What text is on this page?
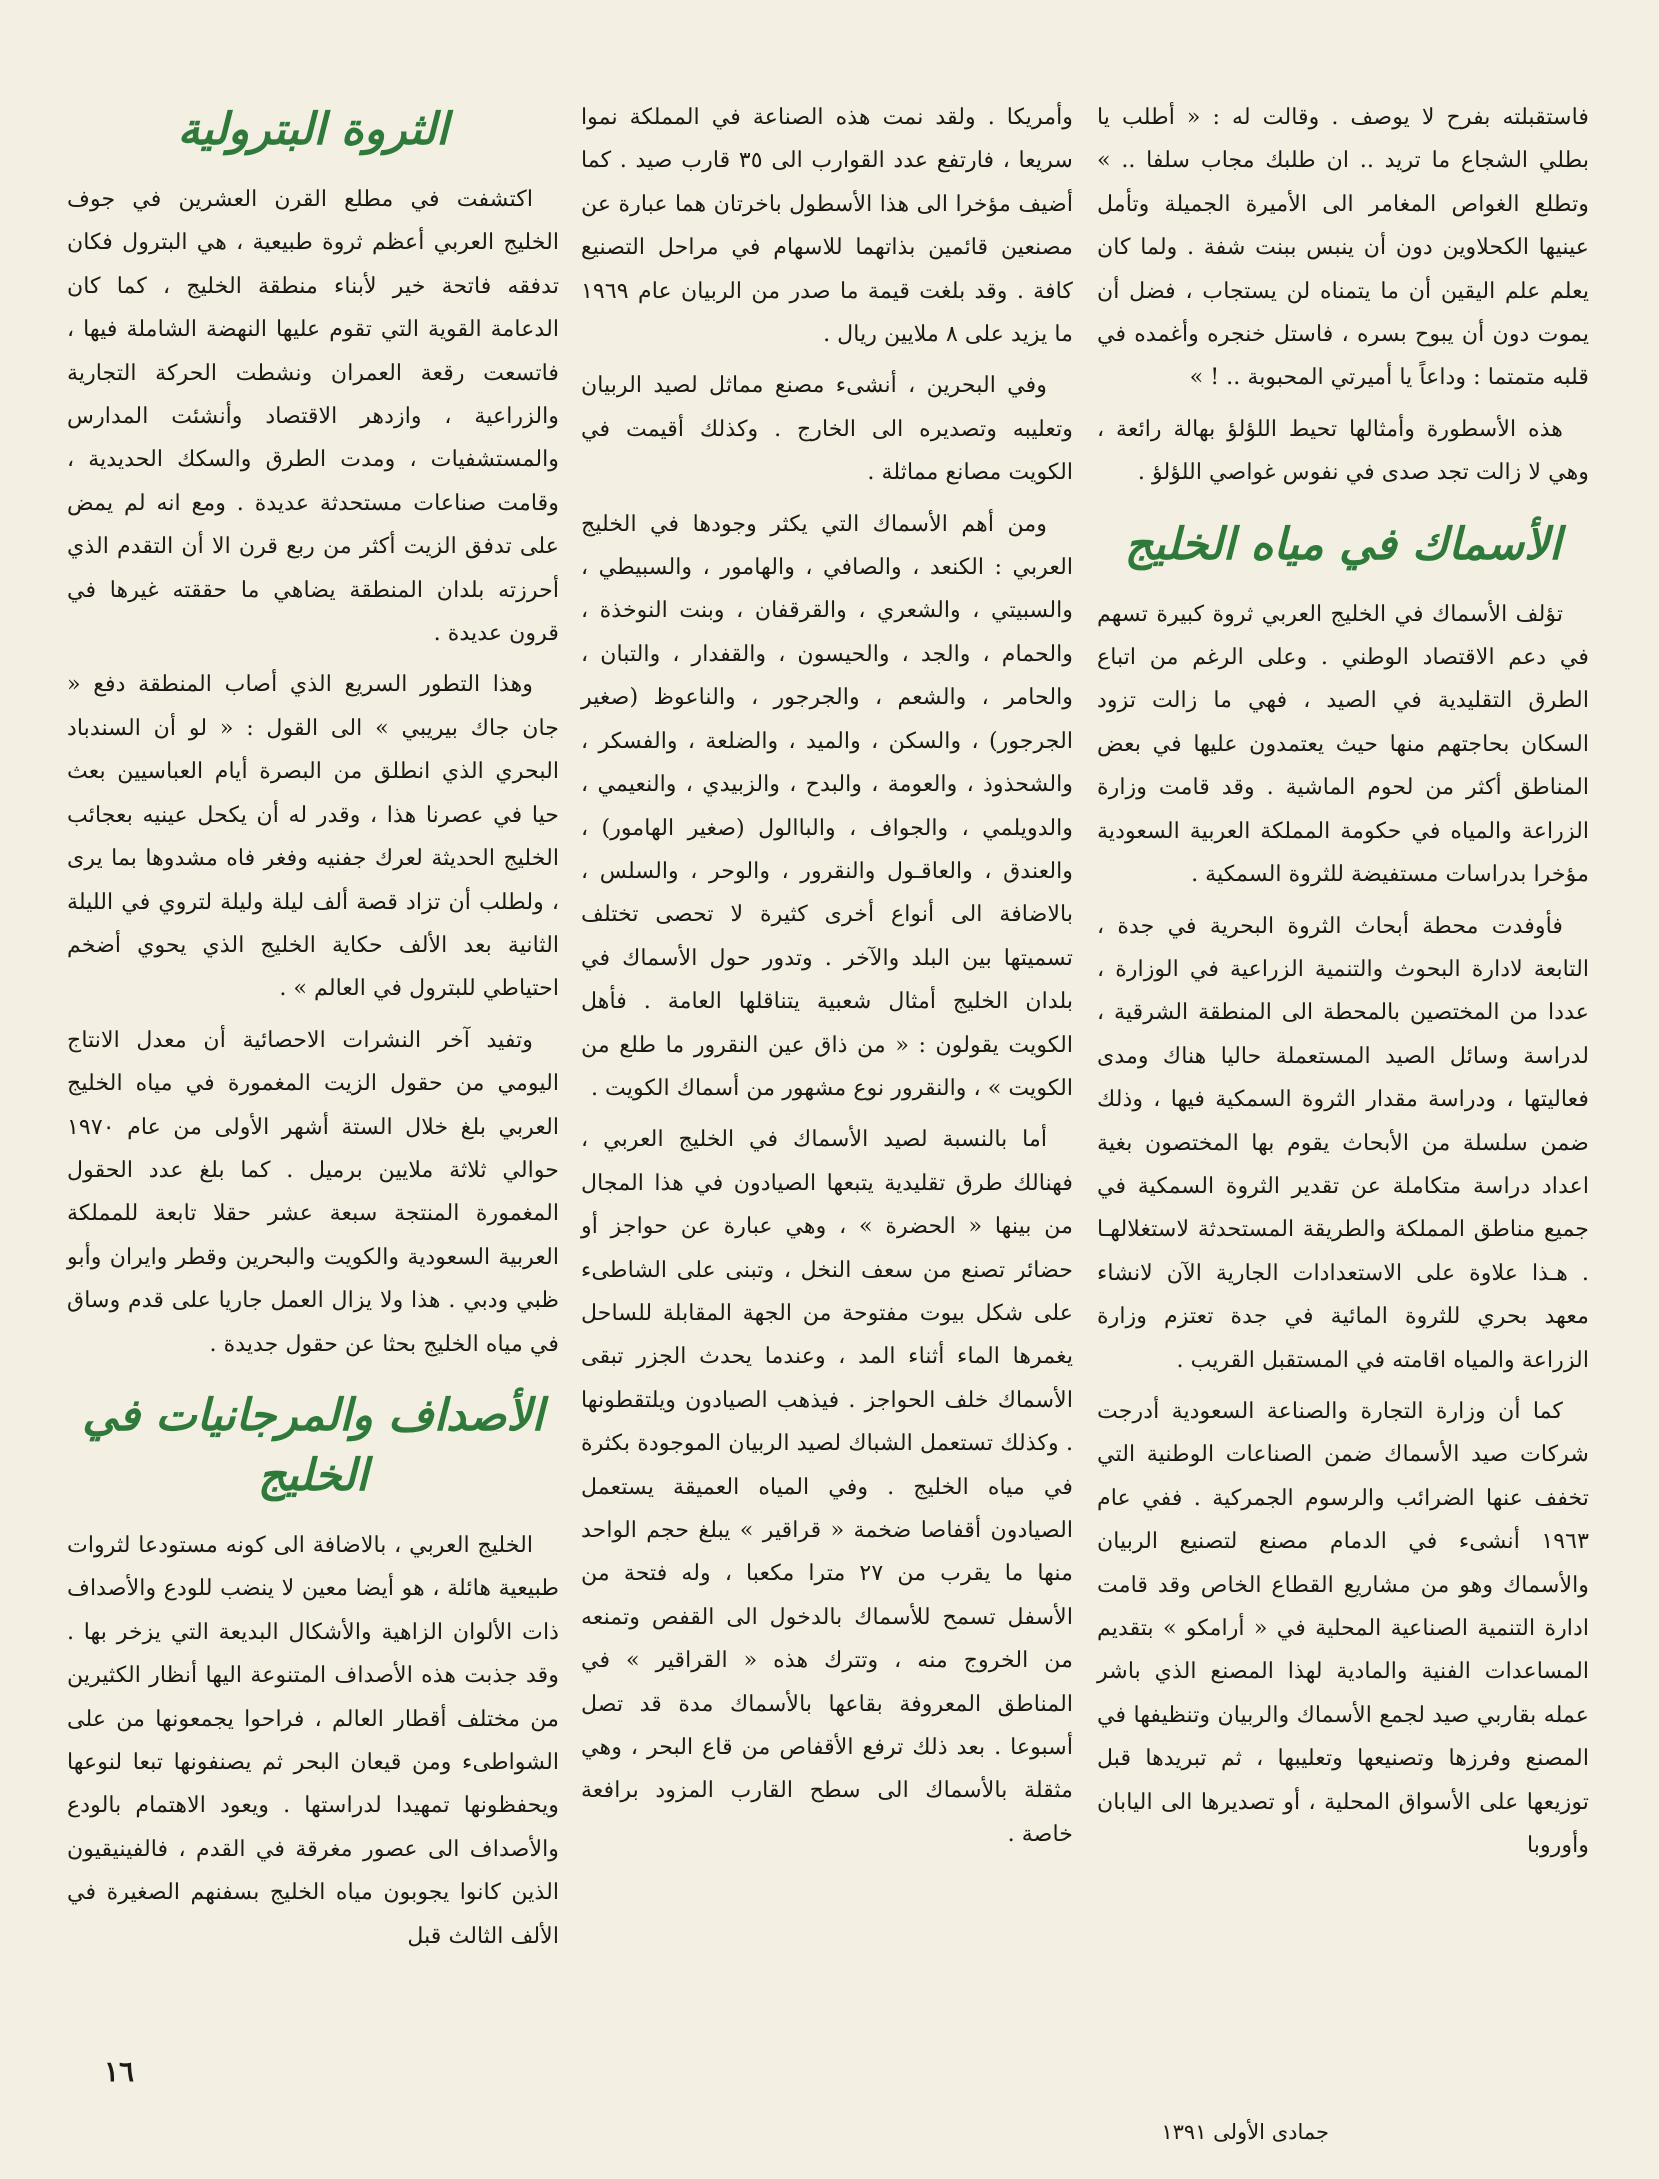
فاستقبلته بفرح لا يوصف . وقالت له : « أطلب يا بطلي الشجاع ما تريد .. ان طلبك مجاب سلفا .. » وتطلع الغواص المغامر الى الأميرة الجميلة وتأمل عينيها الكحلاوين دون أن ينبس ببنت شفة . ولما كان يعلم علم اليقين أن ما يتمناه لن يستجاب ، فضل أن يموت دون أن يبوح بسره ، فاستل خنجره وأغمده في قلبه متمتما : وداعاً يا أميرتي المحبوبة .. ! »

هذه الأسطورة وأمثالها تحيط اللؤلؤ بهالة رائعة ، وهي لا زالت تجد صدى في نفوس غواصي اللؤلؤ .

الأسماك في مياه الخليج

تؤلف الأسماك في الخليج العربي ثروة كبيرة تسهم في دعم الاقتصاد الوطني . وعلى الرغم من اتباع الطرق التقليدية في الصيد ، فهي ما زالت تزود السكان بحاجتهم منها حيث يعتمدون عليها في بعض المناطق أكثر من لحوم الماشية . وقد قامت وزارة الزراعة والمياه في حكومة المملكة العربية السعودية مؤخرا بدراسات مستفيضة للثروة السمكية .

فأوفدت محطة أبحاث الثروة البحرية في جدة ، التابعة لادارة البحوث والتنمية الزراعية في الوزارة ، عددا من المختصين بالمحطة الى المنطقة الشرقية ، لدراسة وسائل الصيد المستعملة حاليا هناك ومدى فعاليتها ، ودراسة مقدار الثروة السمكية فيها ، وذلك ضمن سلسلة من الأبحاث يقوم بها المختصون بغية اعداد دراسة متكاملة عن تقدير الثروة السمكية في جميع مناطق المملكة والطريقة المستحدثة لاستغلالهـا . هـذا علاوة على الاستعدادات الجارية الآن لانشاء معهد بحري للثروة المائية في جدة تعتزم وزارة الزراعة والمياه اقامته في المستقبل القريب .

كما أن وزارة التجارة والصناعة السعودية أدرجت شركات صيد الأسماك ضمن الصناعات الوطنية التي تخفف عنها الضرائب والرسوم الجمركية . ففي عام ١٩٦٣ أنشىء في الدمام مصنع لتصنيع الربيان والأسماك وهو من مشاريع القطاع الخاص وقد قامت ادارة التنمية الصناعية المحلية في « أرامكو » بتقديم المساعدات الفنية والمادية لهذا المصنع الذي باشر عمله بقاربي صيد لجمع الأسماك والربيان وتنظيفها في المصنع وفرزها وتصنيعها وتعليبها ، ثم تبريدها قبل توزيعها على الأسواق المحلية ، أو تصديرها الى اليابان وأوروبا

وأمريكا . ولقد نمت هذه الصناعة في المملكة نموا سريعا ، فارتفع عدد القوارب الى ٣٥ قارب صيد . كما أضيف مؤخرا الى هذا الأسطول باخرتان هما عبارة عن مصنعين قائمين بذاتهما للاسهام في مراحل التصنيع كافة . وقد بلغت قيمة ما صدر من الربيان عام ١٩٦٩ ما يزيد على ٨ ملايين ريال .

وفي البحرين ، أنشىء مصنع مماثل لصيد الربيان وتعليبه وتصديره الى الخارج . وكذلك أقيمت في الكويت مصانع مماثلة .

ومن أهم الأسماك التي يكثر وجودها في الخليج العربي : الكنعد ، والصافي ، والهامور ، والسبيطي ، والسبيتي ، والشعري ، والقرقفان ، وبنت النوخذة ، والحمام ، والجد ، والحيسون ، والقفدار ، والتبان ، والحامر ، والشعم ، والجرجور ، والناعوظ (صغير الجرجور) ، والسكن ، والميد ، والضلعة ، والفسكر ، والشحذوذ ، والعومة ، والبدح ، والزبيدي ، والنعيمي ، والدويلمي ، والجواف ، والباالول (صغير الهامور) ، والعندق ، والعاقـول والنقرور ، والوحر ، والسلس ، بالاضافة الى أنواع أخرى كثيرة لا تحصى تختلف تسميتها بين البلد والآخر . وتدور حول الأسماك في بلدان الخليج أمثال شعبية يتناقلها العامة . فأهل الكويت يقولون : « من ذاق عين النقرور ما طلع من الكويت » ، والنقرور نوع مشهور من أسماك الكويت .

أما بالنسبة لصيد الأسماك في الخليج العربي ، فهنالك طرق تقليدية يتبعها الصيادون في هذا المجال من بينها « الحضرة » ، وهي عبارة عن حواجز أو حضائر تصنع من سعف النخل ، وتبنى على الشاطىء على شكل بيوت مفتوحة من الجهة المقابلة للساحل يغمرها الماء أثناء المد ، وعندما يحدث الجزر تبقى الأسماك خلف الحواجز . فيذهب الصيادون ويلتقطونها . وكذلك تستعمل الشباك لصيد الربيان الموجودة بكثرة في مياه الخليج . وفي المياه العميقة يستعمل الصيادون أقفاصا ضخمة « قراقير » يبلغ حجم الواحد منها ما يقرب من ٢٧ مترا مكعبا ، وله فتحة من الأسفل تسمح للأسماك بالدخول الى القفص وتمنعه من الخروج منه ، وتترك هذه « القراقير » في المناطق المعروفة بقاعها بالأسماك مدة قد تصل أسبوعا . بعد ذلك ترفع الأقفاص من قاع البحر ، وهي مثقلة بالأسماك الى سطح القارب المزود برافعة خاصة .

الثروة البترولية

اكتشفت في مطلع القرن العشرين في جوف الخليج العربي أعظم ثروة طبيعية ، هي البترول فكان تدفقه فاتحة خير لأبناء منطقة الخليج ، كما كان الدعامة القوية التي تقوم عليها النهضة الشاملة فيها ، فاتسعت رقعة العمران ونشطت الحركة التجارية والزراعية ، وازدهر الاقتصاد وأنشئت المدارس والمستشفيات ، ومدت الطرق والسكك الحديدية ، وقامت صناعات مستحدثة عديدة . ومع انه لم يمض على تدفق الزيت أكثر من ربع قرن الا أن التقدم الذي أحرزته بلدان المنطقة يضاهي ما حققته غيرها في قرون عديدة .

وهذا التطور السريع الذي أصاب المنطقة دفع « جان جاك بيريبي » الى القول : « لو أن السندباد البحري الذي انطلق من البصرة أيام العباسيين بعث حيا في عصرنا هذا ، وقدر له أن يكحل عينيه بعجائب الخليج الحديثة لعرك جفنيه وفغر فاه مشدوها بما يرى ، ولطلب أن تزاد قصة ألف ليلة وليلة لتروي في الليلة الثانية بعد الألف حكاية الخليج الذي يحوي أضخم احتياطي للبترول في العالم » .

وتفيد آخر النشرات الاحصائية أن معدل الانتاج اليومي من حقول الزيت المغمورة في مياه الخليج العربي بلغ خلال الستة أشهر الأولى من عام ١٩٧٠ حوالي ثلاثة ملايين برميل . كما بلغ عدد الحقول المغمورة المنتجة سبعة عشر حقلا تابعة للمملكة العربية السعودية والكويت والبحرين وقطر وايران وأبو ظبي ودبي . هذا ولا يزال العمل جاريا على قدم وساق في مياه الخليج بحثا عن حقول جديدة .

الأصداف والمرجانيات في الخليج

الخليج العربي ، بالاضافة الى كونه مستودعا لثروات طبيعية هائلة ، هو أيضا معين لا ينضب للودع والأصداف ذات الألوان الزاهية والأشكال البديعة التي يزخر بها . وقد جذبت هذه الأصداف المتنوعة اليها أنظار الكثيرين من مختلف أقطار العالم ، فراحوا يجمعونها من على الشواطىء ومن قيعان البحر ثم يصنفونها تبعا لنوعها ويحفظونها تمهيدا لدراستها . ويعود الاهتمام بالودع والأصداف الى عصور مغرقة في القدم ، فالفينيقيون الذين كانوا يجوبون مياه الخليج بسفنهم الصغيرة في الألف الثالث قبل

١٦
جمادى الأولى ١٣٩١
